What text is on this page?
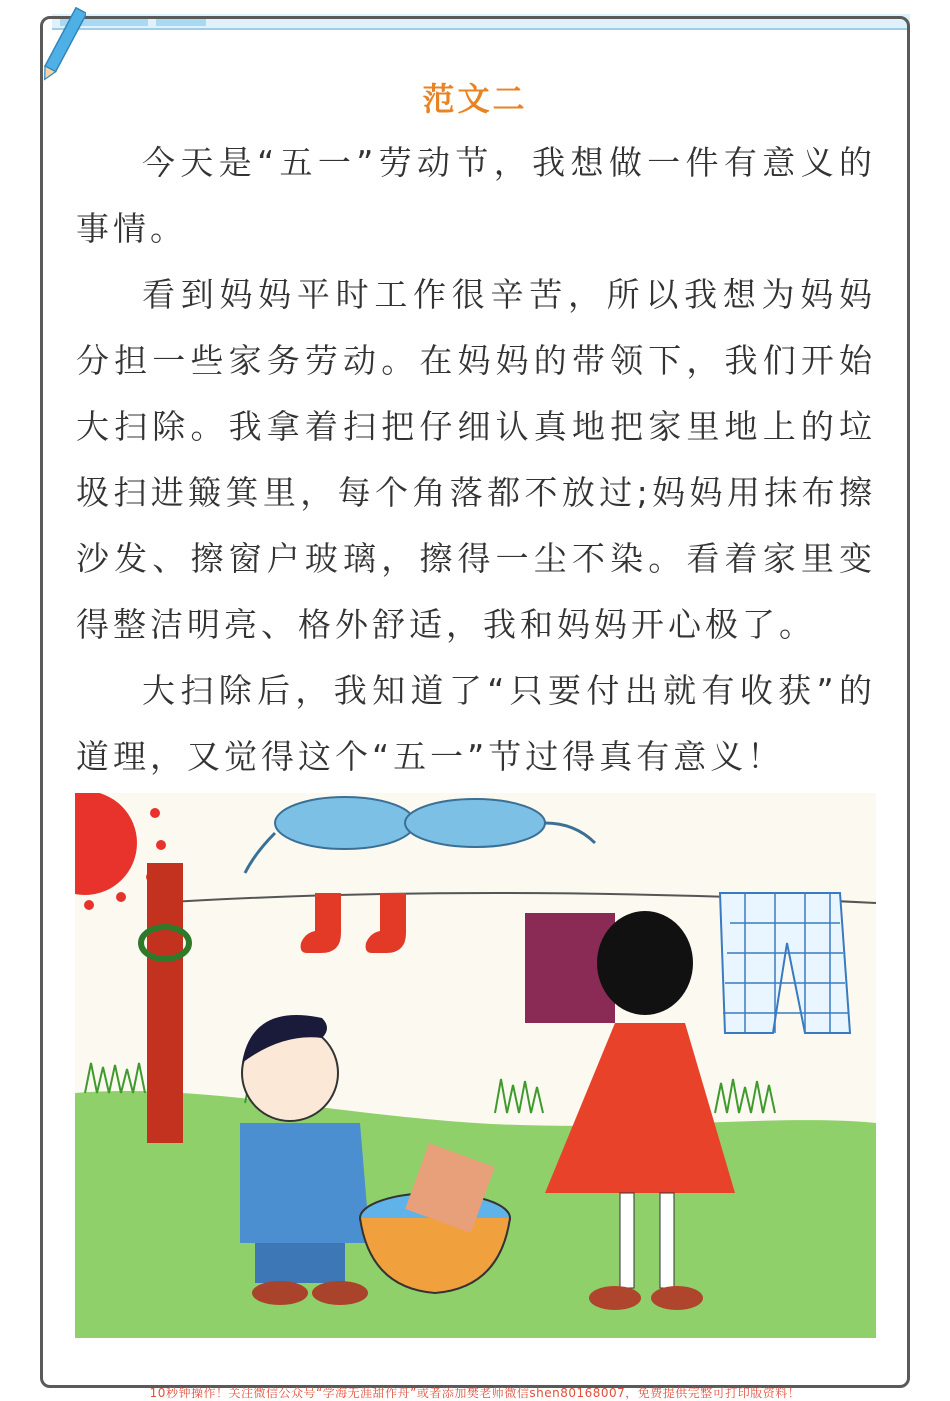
范文二

今天是“五一”劳动节，我想做一件有意义的事情。

看到妈妈平时工作很辛苦，所以我想为妈妈分担一些家务劳动。在妈妈的带领下，我们开始大扫除。我拿着扫把仔细认真地把家里地上的垃圾扫进簸箕里，每个角落都不放过;妈妈用抹布擦沙发、擦窗户玻璃，擦得一尘不染。看着家里变得整洁明亮、格外舒适，我和妈妈开心极了。

大扫除后，我知道了“只要付出就有收获”的道理，又觉得这个“五一”节过得真有意义！

10秒钟操作！关注微信公众号“学海无涯甜作舟”或者添加樊老师微信shen80168007，免费提供完整可打印版资料！
